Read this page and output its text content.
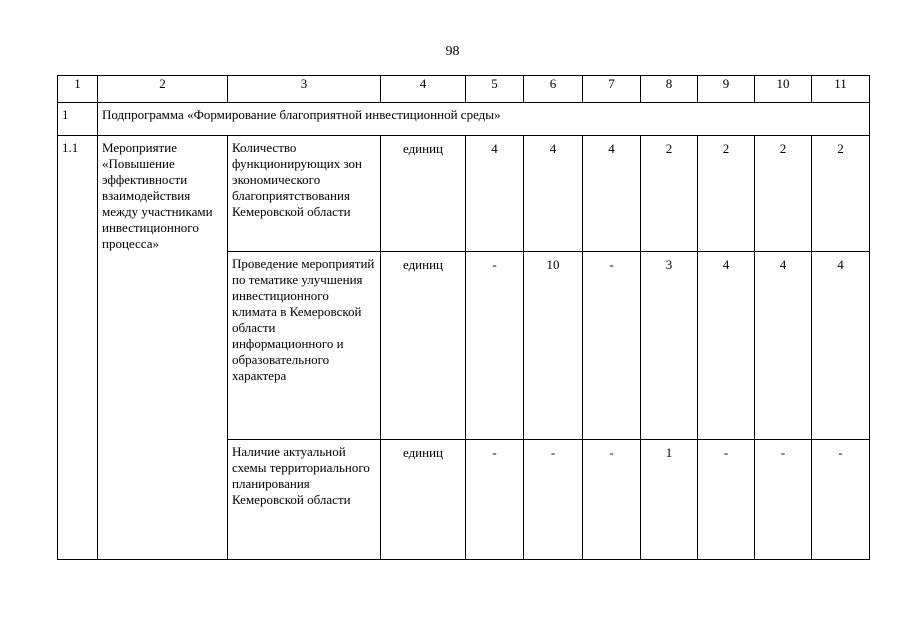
98
1	2	3	4	5	6	7	8	9	10	11
1	Подпрограмма «Формирование благоприятной инвестиционной среды»									
1.1	Мероприятие «Повышение эффективности взаимодействия между участниками инвестиционного процесса»	Количество функционирующих зон экономического благоприятствования Кемеровской области	единиц	4	4	4	2	2	2	2
		Проведение мероприятий по тематике улучшения инвестиционного климата в Кемеровской области информационного и образовательного характера	единиц	-	10	-	3	4	4	4
		Наличие актуальной схемы территориального планирования Кемеровской области	единиц	-	-	-	1	-	-	-
